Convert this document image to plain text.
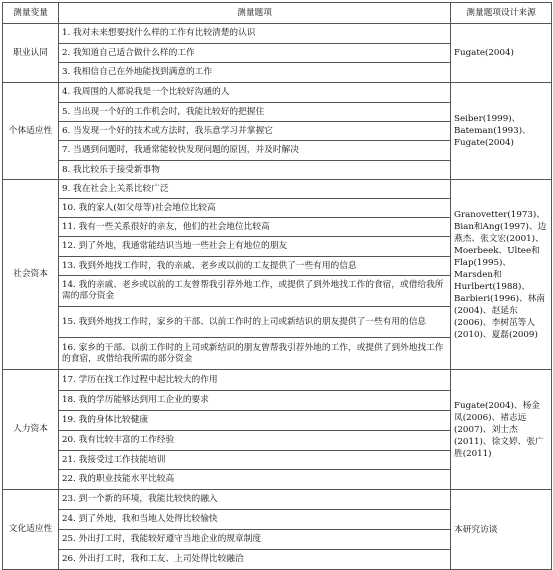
测量变量	测量题项	测量题项设计来源
职业认同	1. 我对未来想要找什么样的工作有比较清楚的认识	Fugate(2004)
	2. 我知道自己适合做什么样的工作	
	3. 我相信自己在外地能找到满意的工作	
个体适应性	4. 我周围的人都说我是一个比较好沟通的人	Seiber(1999)、Bateman(1993)、Fugate(2004)
	5. 当出现一个好的工作机会时，我能比较好的把握住	
	6. 当发现一个好的技术或方法时，我乐意学习并掌握它	
	7. 当遇到问题时，我通常能较快发现问题的原因，并及时解决	
	8. 我比较乐于接受新事物	
社会资本	9. 我在社会上关系比较广泛	Granovetter(1973)、Bian和Ang(1997)、边燕杰、张文宏(2001)、Moerbeek、Ultee和Flap(1995)、Marsden和Hurlbert(1988)、Barbieri(1996)、林南(2004)、赵延东(2006)、李树茁等人(2010)、夏磊(2009)
	10. 我的家人(如父母等)社会地位比较高	
	11. 我有一些关系很好的亲友，他们的社会地位比较高	
	12. 到了外地，我通常能结识当地一些社会上有地位的朋友	
	13. 我到外地找工作时，我的亲戚、老乡或以前的工友提供了一些有用的信息	
	14. 我的亲戚、老乡或以前的工友曾帮我引荐外地工作，或提供了到外地找工作的食宿，或借给我所需的部分资金	
	15. 我到外地找工作时，家乡的干部、以前工作时的上司或新结识的朋友提供了一些有用的信息	
	16. 家乡的干部、以前工作时的上司或新结识的朋友曾帮我引荐外地的工作，或提供了到外地找工作的食宿，或借给我所需的部分资金	
人力资本	17. 学历在找工作过程中起比较大的作用	Fugate(2004)、杨金凤(2006)、褚志远(2007)、刘士杰(2011)、徐文婷、张广胜(2011)
	18. 我的学历能够达到用工企业的要求	
	19. 我的身体比较健康	
	20. 我有比较丰富的工作经验	
	21. 我接受过工作技能培训	
	22. 我的职业技能水平比较高	
文化适应性	23. 到一个新的环境，我能比较快的融入	本研究访谈
	24. 到了外地，我和当地人处得比较愉快	
	25. 外出打工时，我能较好遵守当地企业的规章制度	
	26. 外出打工时，我和工友、上司处得比较融洽	
